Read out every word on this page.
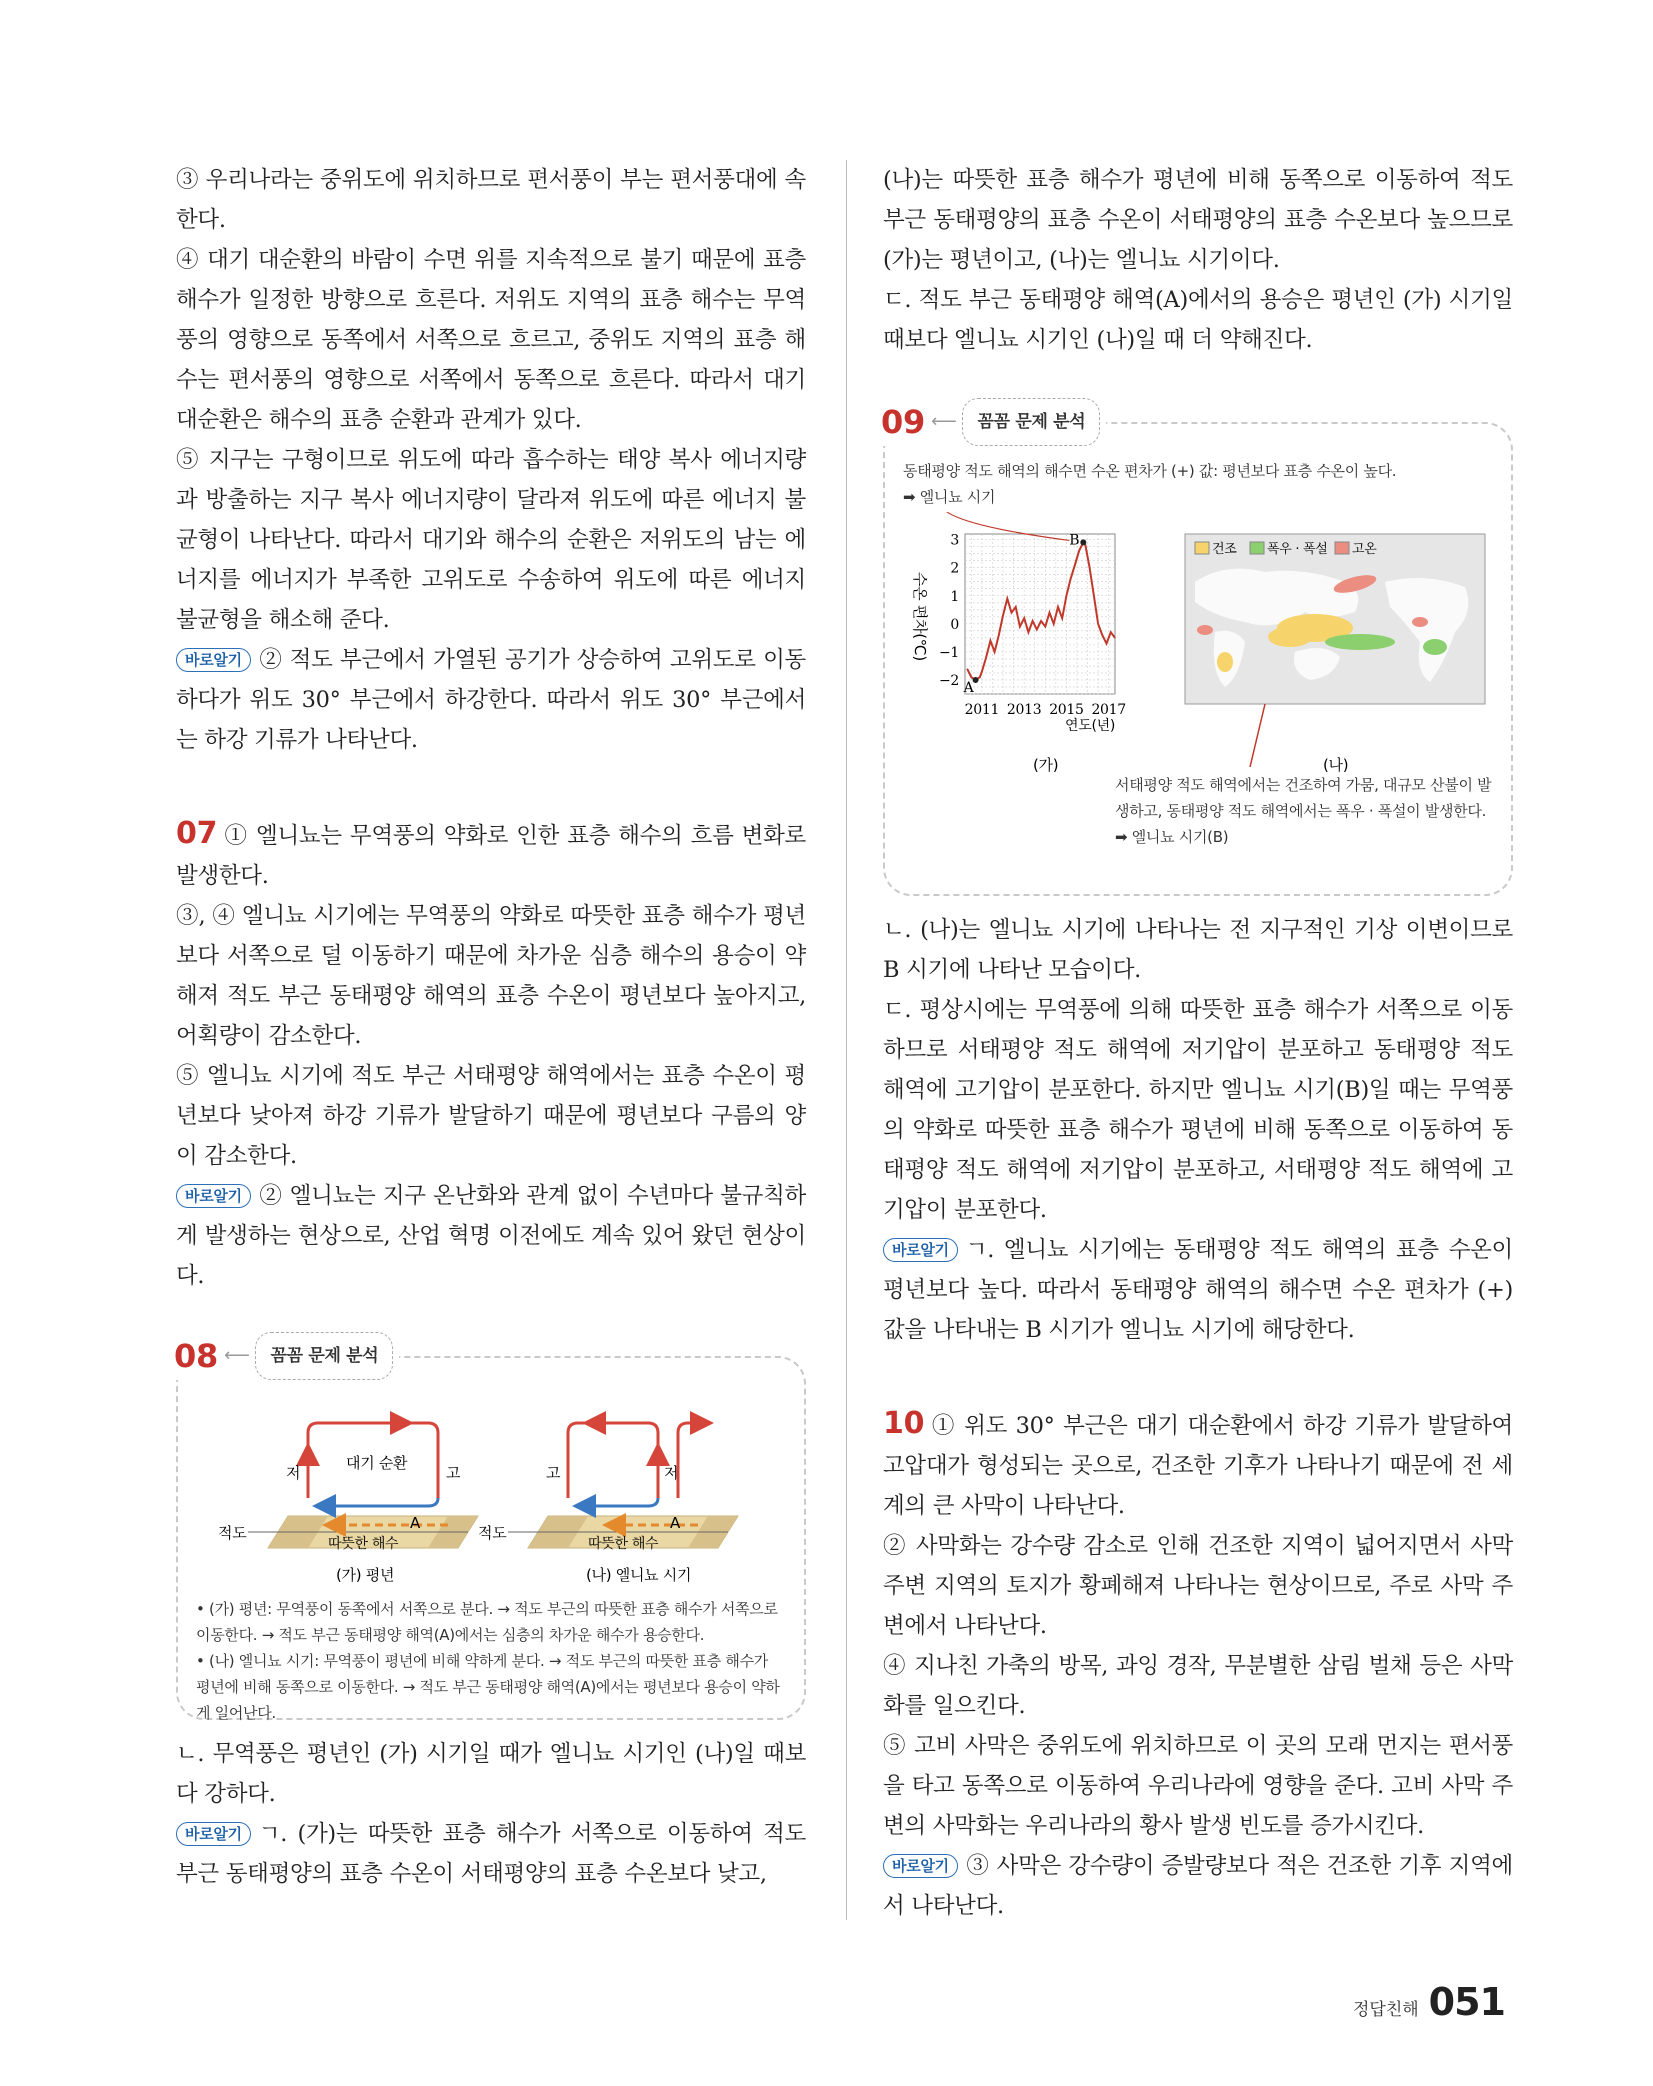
③ 우리나라는 중위도에 위치하므로 편서풍이 부는 편서풍대에 속한다.

④ 대기 대순환의 바람이 수면 위를 지속적으로 불기 때문에 표층 해수가 일정한 방향으로 흐른다. 저위도 지역의 표층 해수는 무역풍의 영향으로 동쪽에서 서쪽으로 흐르고, 중위도 지역의 표층 해수는 편서풍의 영향으로 서쪽에서 동쪽으로 흐른다. 따라서 대기 대순환은 해수의 표층 순환과 관계가 있다.

⑤ 지구는 구형이므로 위도에 따라 흡수하는 태양 복사 에너지량과 방출하는 지구 복사 에너지량이 달라져 위도에 따른 에너지 불균형이 나타난다. 따라서 대기와 해수의 순환은 저위도의 남는 에너지를 에너지가 부족한 고위도로 수송하여 위도에 따른 에너지 불균형을 해소해 준다.

바로알기 ② 적도 부근에서 가열된 공기가 상승하여 고위도로 이동하다가 위도 30° 부근에서 하강한다. 따라서 위도 30° 부근에서는 하강 기류가 나타난다.

07 ① 엘니뇨는 무역풍의 약화로 인한 표층 해수의 흐름 변화로 발생한다.

③, ④ 엘니뇨 시기에는 무역풍의 약화로 따뜻한 표층 해수가 평년보다 서쪽으로 덜 이동하기 때문에 차가운 심층 해수의 용승이 약해져 적도 부근 동태평양 해역의 표층 수온이 평년보다 높아지고, 어획량이 감소한다.

⑤ 엘니뇨 시기에 적도 부근 서태평양 해역에서는 표층 수온이 평년보다 낮아져 하강 기류가 발달하기 때문에 평년보다 구름의 양이 감소한다.

바로알기 ② 엘니뇨는 지구 온난화와 관계 없이 수년마다 불규칙하게 발생하는 현상으로, 산업 혁명 이전에도 계속 있어 왔던 현상이다.

08 ⟵	꼼꼼 문제 분석
대기 순환
저	고
적도
A
따뜻한 해수
(가) 평년
고	저
적도
A
따뜻한 해수
(나) 엘니뇨 시기
• (가) 평년: 무역풍이 동쪽에서 서쪽으로 분다. → 적도 부근의 따뜻한 표층 해수가 서쪽으로 이동한다. → 적도 부근 동태평양 해역(A)에서는 심층의 차가운 해수가 용승한다.
• (나) 엘니뇨 시기: 무역풍이 평년에 비해 약하게 분다. → 적도 부근의 따뜻한 표층 해수가 평년에 비해 동쪽으로 이동한다. → 적도 부근 동태평양 해역(A)에서는 평년보다 용승이 약하게 일어난다.

ㄴ. 무역풍은 평년인 (가) 시기일 때가 엘니뇨 시기인 (나)일 때보다 강하다.

바로알기 ㄱ. (가)는 따뜻한 표층 해수가 서쪽으로 이동하여 적도 부근 동태평양의 표층 수온이 서태평양의 표층 수온보다 낮고,

(나)는 따뜻한 표층 해수가 평년에 비해 동쪽으로 이동하여 적도 부근 동태평양의 표층 수온이 서태평양의 표층 수온보다 높으므로 (가)는 평년이고, (나)는 엘니뇨 시기이다.

ㄷ. 적도 부근 동태평양 해역(A)에서의 용승은 평년인 (가) 시기일 때보다 엘니뇨 시기인 (나)일 때 더 약해진다.

09 ⟵	꼼꼼 문제 분석
동태평양 적도 해역의 해수면 수온 편차가 (+) 값: 평년보다 표층 수온이 높다.
➡ 엘니뇨 시기
수온 편차(℃)
3
2
1
0
−1
−2
2011 2013 2015 2017
A
B
연도(년)
(가)
건조 폭우 · 폭설 고온
(나)
서태평양 적도 해역에서는 건조하여 가뭄, 대규모 산불이 발생하고, 동태평양 적도 해역에서는 폭우 · 폭설이 발생한다. ➡ 엘니뇨 시기(B)

ㄴ. (나)는 엘니뇨 시기에 나타나는 전 지구적인 기상 이변이므로 B 시기에 나타난 모습이다.

ㄷ. 평상시에는 무역풍에 의해 따뜻한 표층 해수가 서쪽으로 이동하므로 서태평양 적도 해역에 저기압이 분포하고 동태평양 적도 해역에 고기압이 분포한다. 하지만 엘니뇨 시기(B)일 때는 무역풍의 약화로 따뜻한 표층 해수가 평년에 비해 동쪽으로 이동하여 동태평양 적도 해역에 저기압이 분포하고, 서태평양 적도 해역에 고기압이 분포한다.

바로알기 ㄱ. 엘니뇨 시기에는 동태평양 적도 해역의 표층 수온이 평년보다 높다. 따라서 동태평양 해역의 해수면 수온 편차가 (+) 값을 나타내는 B 시기가 엘니뇨 시기에 해당한다.

10 ① 위도 30° 부근은 대기 대순환에서 하강 기류가 발달하여 고압대가 형성되는 곳으로, 건조한 기후가 나타나기 때문에 전 세계의 큰 사막이 나타난다.

② 사막화는 강수량 감소로 인해 건조한 지역이 넓어지면서 사막 주변 지역의 토지가 황폐해져 나타나는 현상이므로, 주로 사막 주변에서 나타난다.

④ 지나친 가축의 방목, 과잉 경작, 무분별한 삼림 벌채 등은 사막화를 일으킨다.

⑤ 고비 사막은 중위도에 위치하므로 이 곳의 모래 먼지는 편서풍을 타고 동쪽으로 이동하여 우리나라에 영향을 준다. 고비 사막 주변의 사막화는 우리나라의 황사 발생 빈도를 증가시킨다.

바로알기 ③ 사막은 강수량이 증발량보다 적은 건조한 기후 지역에서 나타난다.

정답친해 051
